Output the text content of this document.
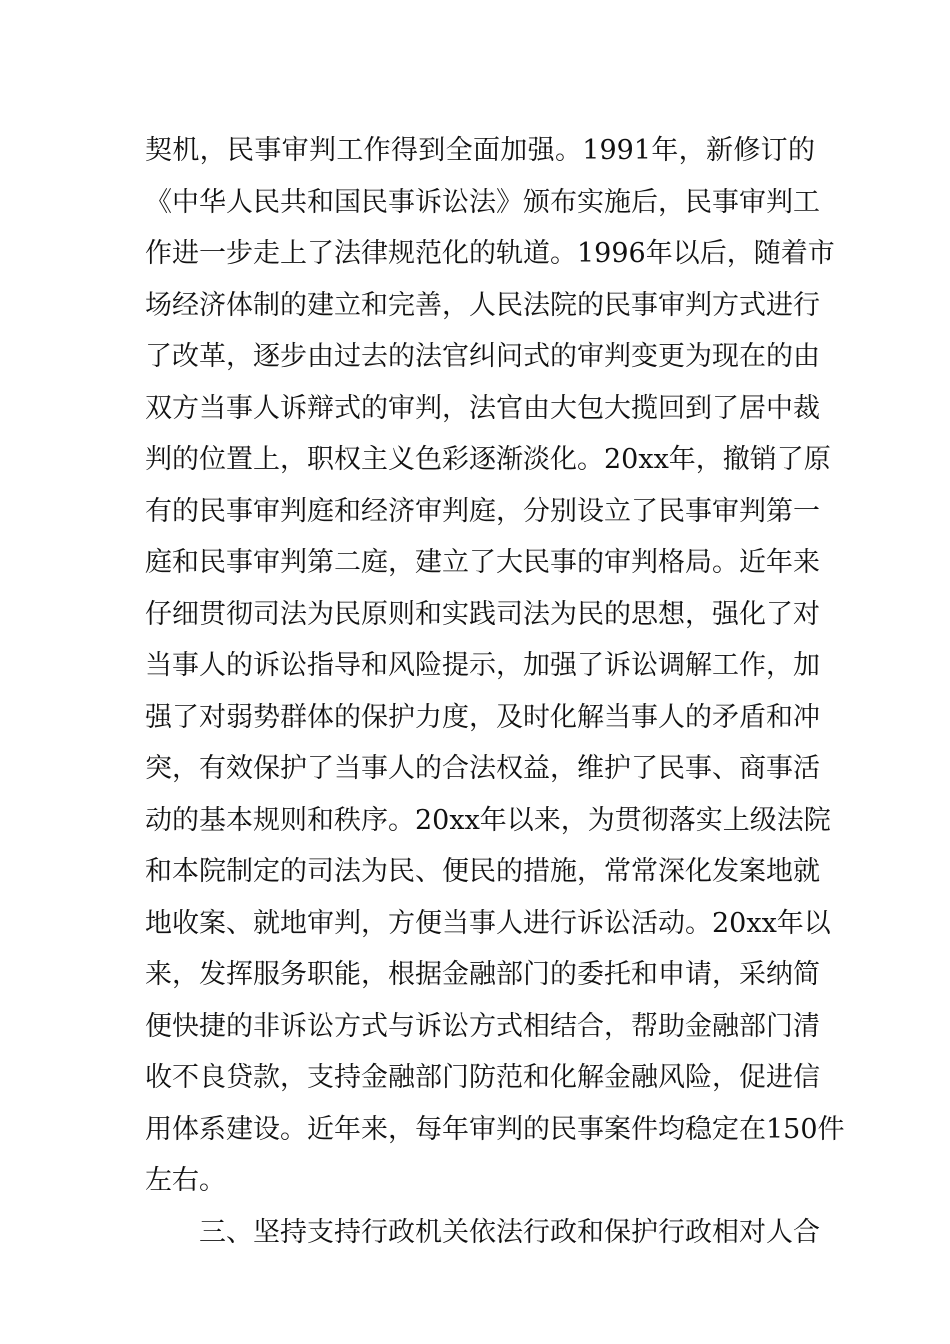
契机，民事审判工作得到全面加强。1991年，新修订的
《中华人民共和国民事诉讼法》颁布实施后，民事审判工
作进一步走上了法律规范化的轨道。1996年以后，随着市
场经济体制的建立和完善，人民法院的民事审判方式进行
了改革，逐步由过去的法官纠问式的审判变更为现在的由
双方当事人诉辩式的审判，法官由大包大揽回到了居中裁
判的位置上，职权主义色彩逐渐淡化。20xx年，撤销了原
有的民事审判庭和经济审判庭，分别设立了民事审判第一
庭和民事审判第二庭，建立了大民事的审判格局。近年来
仔细贯彻司法为民原则和实践司法为民的思想，强化了对
当事人的诉讼指导和风险提示，加强了诉讼调解工作，加
强了对弱势群体的保护力度，及时化解当事人的矛盾和冲
突，有效保护了当事人的合法权益，维护了民事、商事活
动的基本规则和秩序。20xx年以来，为贯彻落实上级法院
和本院制定的司法为民、便民的措施，常常深化发案地就
地收案、就地审判，方便当事人进行诉讼活动。20xx年以
来，发挥服务职能，根据金融部门的委托和申请，采纳简
便快捷的非诉讼方式与诉讼方式相结合，帮助金融部门清
收不良贷款，支持金融部门防范和化解金融风险，促进信
用体系建设。近年来，每年审判的民事案件均稳定在150件
左右。
三、坚持支持行政机关依法行政和保护行政相对人合
